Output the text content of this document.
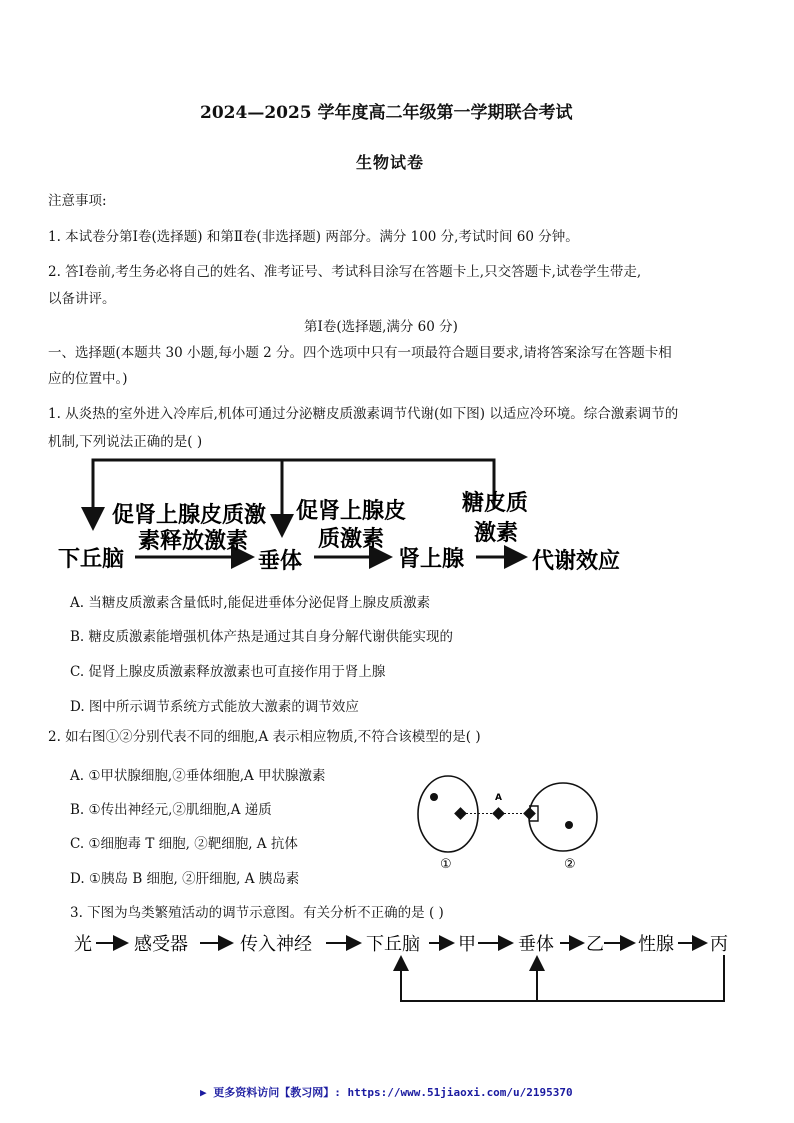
2024—2025 学年度高二年级第一学期联合考试
生物试卷
注意事项:
1. 本试卷分第Ⅰ卷(选择题) 和第Ⅱ卷(非选择题) 两部分。满分 100 分,考试时间 60 分钟。
2. 答Ⅰ卷前,考生务必将自己的姓名、准考证号、考试科目涂写在答题卡上,只交答题卡,试卷学生带走,
以备讲评。
第Ⅰ卷(选择题,满分 60 分)
一、选择题(本题共 30 小题,每小题 2 分。四个选项中只有一项最符合题目要求,请将答案涂写在答题卡相
应的位置中。)
1. 从炎热的室外进入冷库后,机体可通过分泌糖皮质激素调节代谢(如下图) 以适应冷环境。综合激素调节的
机制,下列说法正确的是( )
下丘脑
促肾上腺皮质激
素释放激素
垂体
促肾上腺皮
质激素
肾上腺
糖皮质
激素
代谢效应
A. 当糖皮质激素含量低时,能促进垂体分泌促肾上腺皮质激素
B. 糖皮质激素能增强机体产热是通过其自身分解代谢供能实现的
C. 促肾上腺皮质激素释放激素也可直接作用于肾上腺
D. 图中所示调节系统方式能放大激素的调节效应
2. 如右图①②分别代表不同的细胞,A 表示相应物质,不符合该模型的是( )
A. ①甲状腺细胞,②垂体细胞,A 甲状腺激素
B. ①传出神经元,②肌细胞,A 递质
C. ①细胞毒 T 细胞, ②靶细胞, A 抗体
D. ①胰岛 B 细胞, ②肝细胞, A 胰岛素
A
①	②
3. 下图为鸟类繁殖活动的调节示意图。有关分析不正确的是 ( )
光 感受器	传入神经	下丘脑 甲 垂体 乙 性腺 丙
▶ 更多资料访问【教习网】: https://www.51jiaoxi.com/u/2195370
